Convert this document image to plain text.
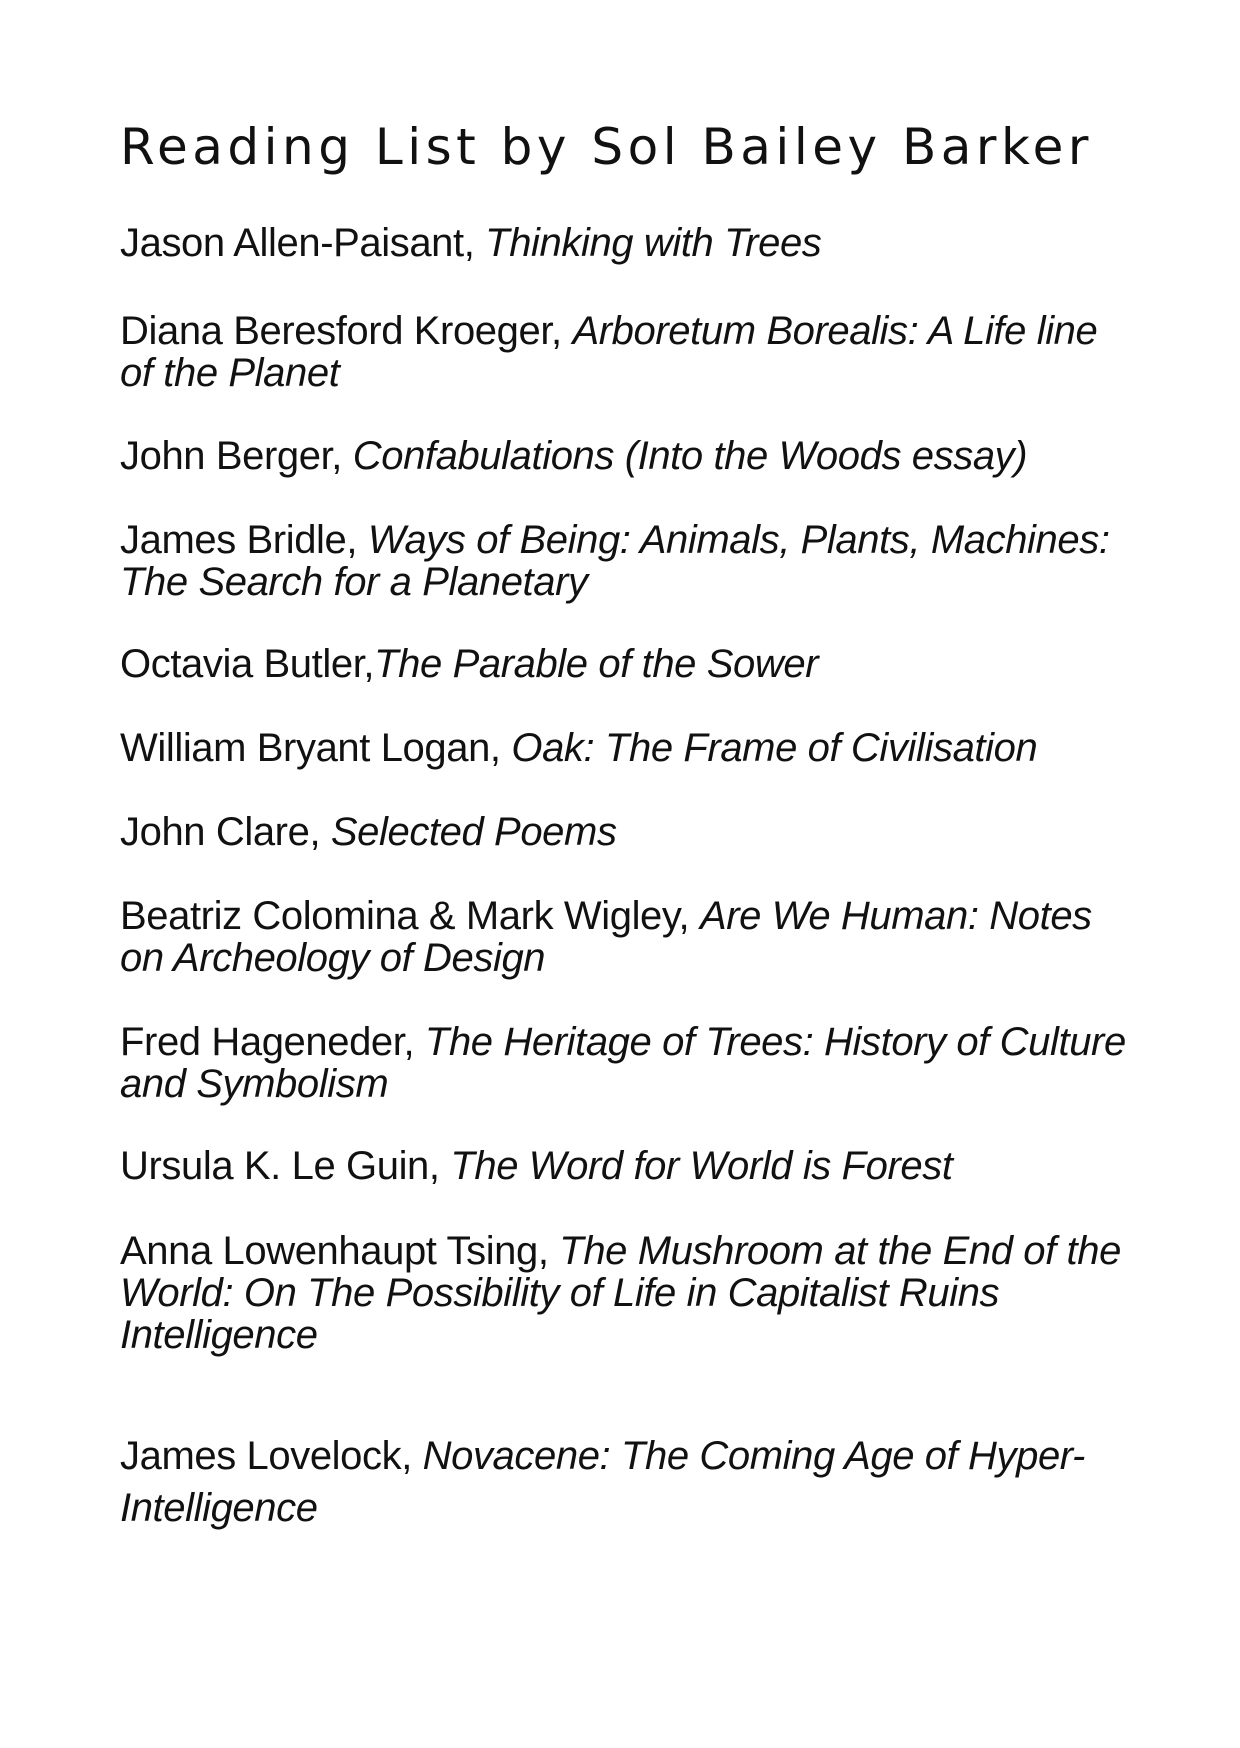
Reading List by Sol Bailey Barker

Jason Allen-Paisant, Thinking with Trees

Diana Beresford Kroeger, Arboretum Borealis: A Life line of the Planet

John Berger, Confabulations (Into the Woods essay)

James Bridle, Ways of Being: Animals, Plants, Machines: The Search for a Planetary

Octavia Butler,The Parable of the Sower

William Bryant Logan, Oak: The Frame of Civilisation

John Clare, Selected Poems

Beatriz Colomina & Mark Wigley, Are We Human: Notes on Archeology of Design

Fred Hageneder, The Heritage of Trees: History of Culture and Symbolism

Ursula K. Le Guin, The Word for World is Forest

Anna Lowenhaupt Tsing, The Mushroom at the End of the World: On The Possibility of Life in Capitalist Ruins Intelligence

James Lovelock, Novacene: The Coming Age of Hyper-Intelligence
